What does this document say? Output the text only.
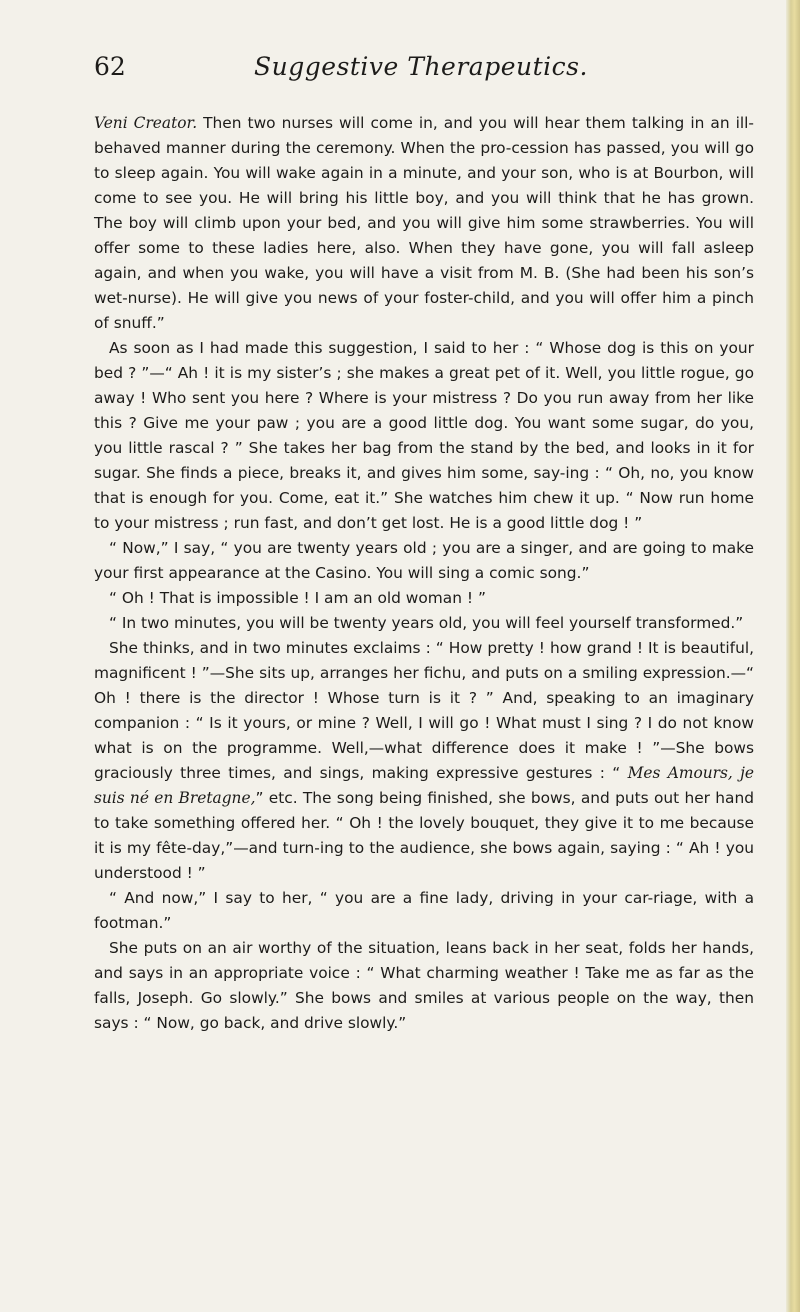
62	Suggestive Therapeutics.

Veni Creator. Then two nurses will come in, and you will hear them talking in an ill-behaved manner during the ceremony. When the pro-cession has passed, you will go to sleep again. You will wake again in a minute, and your son, who is at Bourbon, will come to see you. He will bring his little boy, and you will think that he has grown. The boy will climb upon your bed, and you will give him some strawberries. You will offer some to these ladies here, also. When they have gone, you will fall asleep again, and when you wake, you will have a visit from M. B. (She had been his son’s wet-nurse). He will give you news of your foster-child, and you will offer him a pinch of snuff.”

As soon as I had made this suggestion, I said to her : “ Whose dog is this on your bed ? ”—“ Ah ! it is my sister’s ; she makes a great pet of it. Well, you little rogue, go away ! Who sent you here ? Where is your mistress ? Do you run away from her like this ? Give me your paw ; you are a good little dog. You want some sugar, do you, you little rascal ? ” She takes her bag from the stand by the bed, and looks in it for sugar. She finds a piece, breaks it, and gives him some, say-ing : “ Oh, no, you know that is enough for you. Come, eat it.” She watches him chew it up. “ Now run home to your mistress ; run fast, and don’t get lost. He is a good little dog ! ”

“ Now,” I say, “ you are twenty years old ; you are a singer, and are going to make your first appearance at the Casino. You will sing a comic song.”

“ Oh ! That is impossible ! I am an old woman ! ”

“ In two minutes, you will be twenty years old, you will feel yourself transformed.”

She thinks, and in two minutes exclaims : “ How pretty ! how grand ! It is beautiful, magnificent ! ”—She sits up, arranges her fichu, and puts on a smiling expression.—“ Oh ! there is the director ! Whose turn is it ? ” And, speaking to an imaginary companion : “ Is it yours, or mine ? Well, I will go ! What must I sing ? I do not know what is on the programme. Well,—what difference does it make ! ”—She bows graciously three times, and sings, making expressive gestures : “ Mes Amours, je suis né en Bretagne,” etc. The song being finished, she bows, and puts out her hand to take something offered her. “ Oh ! the lovely bouquet, they give it to me because it is my fête-day,”—and turn-ing to the audience, she bows again, saying : “ Ah ! you understood ! ”

“ And now,” I say to her, “ you are a fine lady, driving in your car-riage, with a footman.”

She puts on an air worthy of the situation, leans back in her seat, folds her hands, and says in an appropriate voice : “ What charming weather ! Take me as far as the falls, Joseph. Go slowly.” She bows and smiles at various people on the way, then says : “ Now, go back, and drive slowly.”
